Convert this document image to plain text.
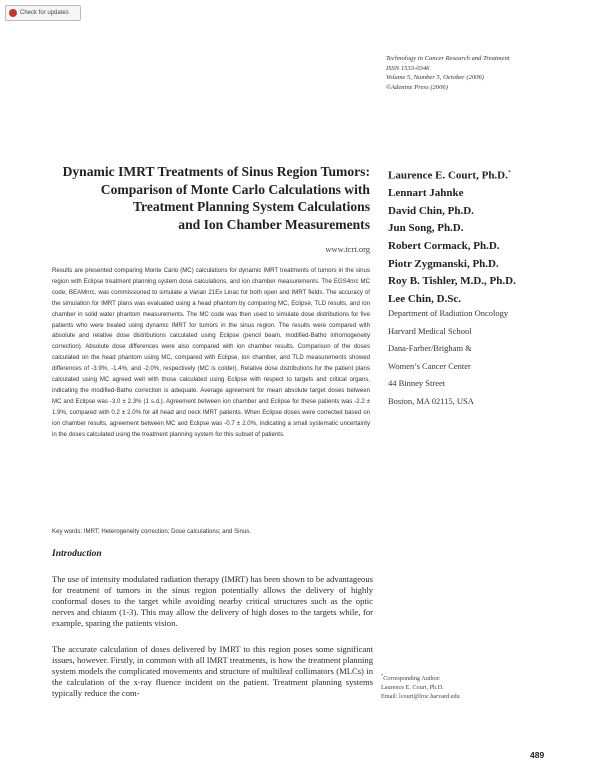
Check for updates
Technology in Cancer Research and Treatment
ISSN 1533-0346
Volume 5, Number 5, October (2006)
©Adenine Press (2006)
Dynamic IMRT Treatments of Sinus Region Tumors:
Comparison of Monte Carlo Calculations with
Treatment Planning System Calculations
and Ion Chamber Measurements
www.tcrt.org
Laurence E. Court, Ph.D.*
Lennart Jahnke
David Chin, Ph.D.
Jun Song, Ph.D.
Robert Cormack, Ph.D.
Piotr Zygmanski, Ph.D.
Roy B. Tishler, M.D., Ph.D.
Lee Chin, D.Sc.
Department of Radiation Oncology
Harvard Medical School
Dana-Farber/Brigham &
Women’s Cancer Center
44 Binney Street
Boston, MA 02115, USA
Results are presented comparing Monte Carlo (MC) calculations for dynamic IMRT treatments of tumors in the sinus region with Eclipse treatment planning system dose calculations, and ion chamber measurements. The EGS4nrc MC code, BEAMnrc, was commissioned to simulate a Varian 21Ex Linac for both open and IMRT fields. The accuracy of the simulation for IMRT plans was evaluated using a head phantom by comparing MC, Eclipse, TLD results, and ion chamber in solid water phantom measurements. The MC code was then used to simulate dose distributions for five patients who were treated using dynamic IMRT for tumors in the sinus region. The results were compared with absolute and relative dose distributions calculated using Eclipse (pencil beam, modified-Batho inhomogeneity correction). Absolute dose differences were also compared with ion chamber results. Comparison of the doses calculated on the head phantom using MC, compared with Eclipse, ion chamber, and TLD measurements showed differences of -3.9%, -1.4%, and -2.0%, respectively (MC is colder). Relative dose distributions for the patient plans calculated using MC agreed well with those calculated using Eclipse with respect to targets and critical organs, indicating the modified-Batho correction is adequate. Average agreement for mean absolute target doses between MC and Eclipse was -3.0 ± 2.3% (1 s.d.). Agreement between ion chamber and Eclipse for these patients was -2.2 ± 1.9%, compared with 0.2 ± 2.0% for all head and neck IMRT patients. When Eclipse doses were corrected based on ion chamber results, agreement between MC and Eclipse was -0.7 ± 2.0%, indicating a small systematic uncertainty in the doses calculated using the treatment planning system for this subset of patients.
Key words: IMRT; Heterogeneity correction; Dose calculations; and Sinus.
Introduction
The use of intensity modulated radiation therapy (IMRT) has been shown to be advantageous for treatment of tumors in the sinus region potentially allows the delivery of highly conformal doses to the target while avoiding nearby critical structures such as the optic nerves and chiasm (1-3). This may allow the delivery of high doses to the targets while, for example, sparing the patients vision.
The accurate calculation of doses delivered by IMRT to this region poses some significant issues, however. Firstly, in common with all IMRT treatments, is how the treatment planning system models the complicated movements and structure of multileaf collimators (MLCs) in the calculation of the x-ray fluence incident on the patient. Treatment planning systems typically reduce the com-
*Corresponding Author:
Laurence E. Court, Ph.D.
Email: lcourt@lroc.harvard.edu
489
